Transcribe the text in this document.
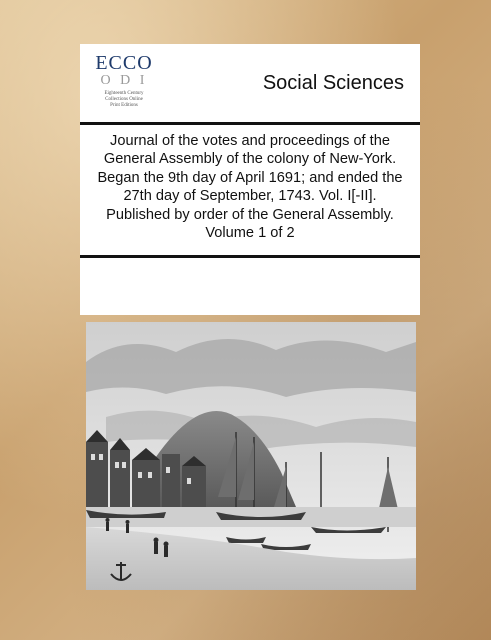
ECCO
O D I
Eighteenth Century
Collections Online
Print Editions
Social Sciences
Journal of the votes and proceedings of the General Assembly of the colony of New-York. Began the 9th day of April 1691; and ended the 27th day of September, 1743. Vol. I[-II]. Published by order of the General Assembly. Volume 1 of 2
